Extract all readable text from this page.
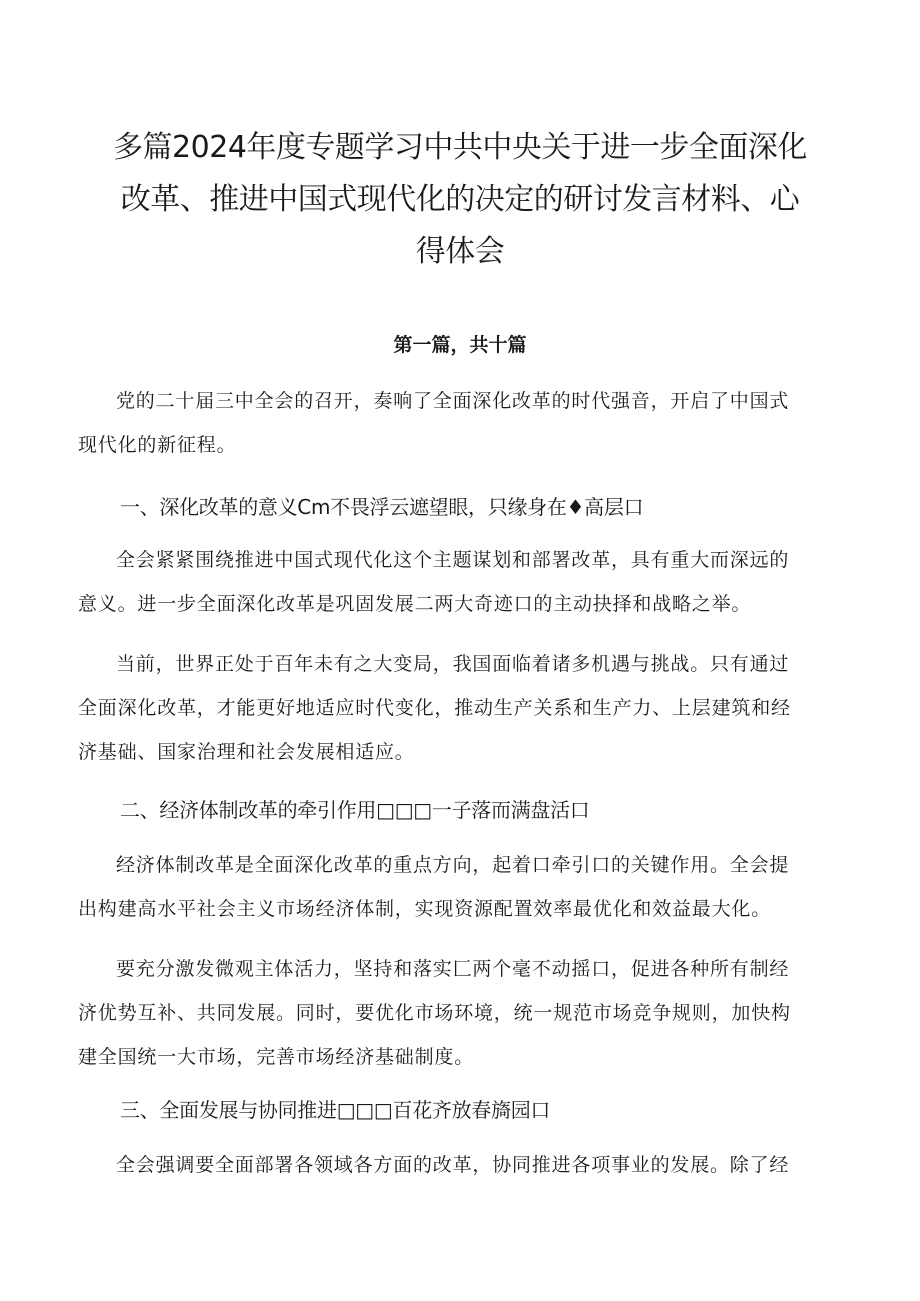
多篇2024年度专题学习中共中央关于进一步全面深化
改革、推进中国式现代化的决定的研讨发言材料、心
得体会

第一篇，共十篇

党的二十届三中全会的召开，奏响了全面深化改革的时代强音，开启了中国式
现代化的新征程。

一、深化改革的意义Cm不畏浮云遮望眼，只缘身在♦高层口

全会紧紧围绕推进中国式现代化这个主题谋划和部署改革，具有重大而深远的
意义。进一步全面深化改革是巩固发展二两大奇迹口的主动抉择和战略之举。

当前，世界正处于百年未有之大变局，我国面临着诸多机遇与挑战。只有通过
全面深化改革，才能更好地适应时代变化，推动生产关系和生产力、上层建筑和经
济基础、国家治理和社会发展相适应。

二、经济体制改革的牵引作用□□□一子落而满盘活口

经济体制改革是全面深化改革的重点方向，起着口牵引口的关键作用。全会提
出构建高水平社会主义市场经济体制，实现资源配置效率最优化和效益最大化。

要充分激发微观主体活力，坚持和落实匚两个毫不动摇口，促进各种所有制经
济优势互补、共同发展。同时，要优化市场环境，统一规范市场竞争规则，加快构
建全国统一大市场，完善市场经济基础制度。

三、全面发展与协同推进□□□百花齐放春旖园口

全会强调要全面部署各领域各方面的改革，协同推进各项事业的发展。除了经
